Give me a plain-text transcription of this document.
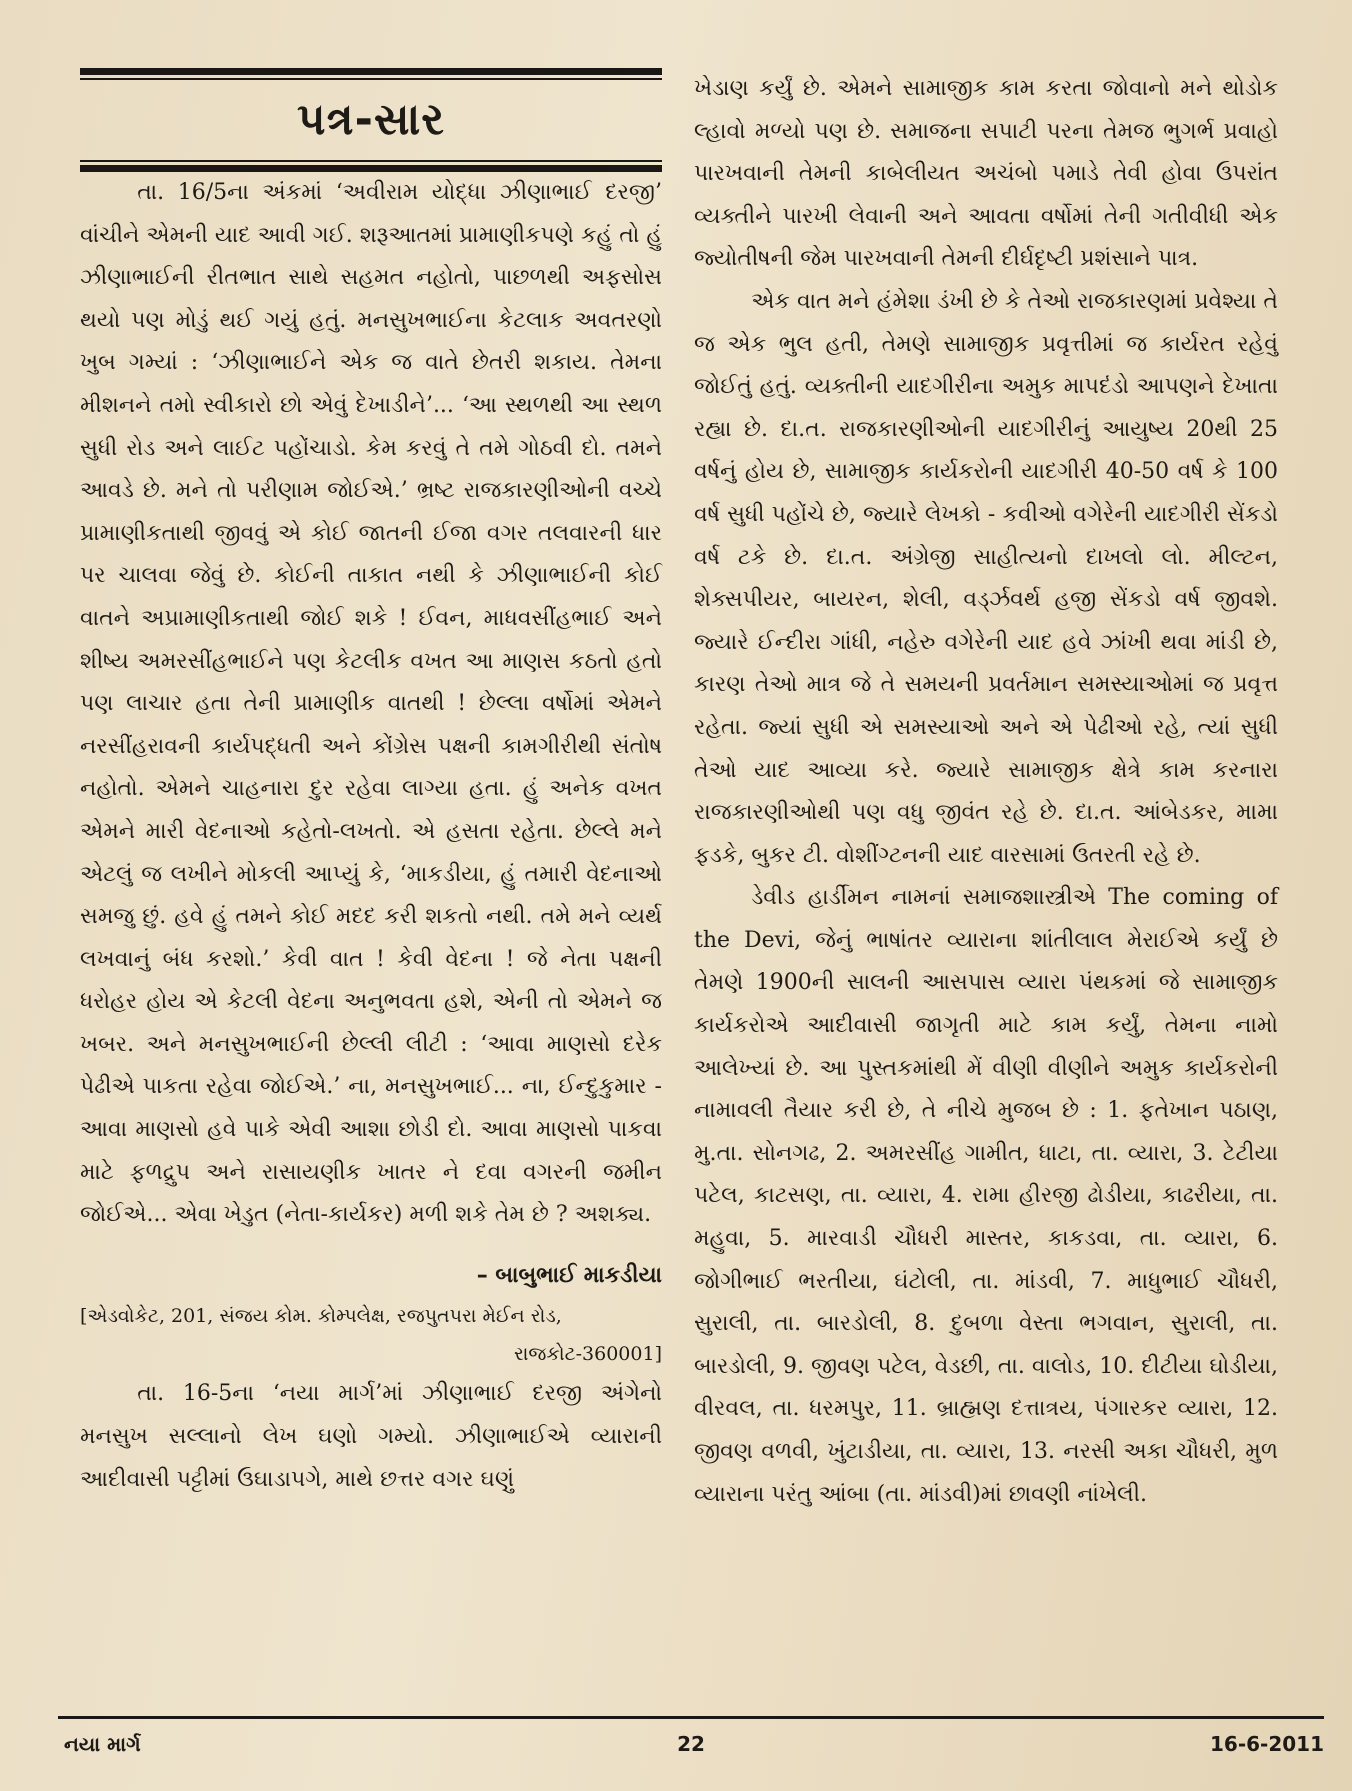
પત્ર-સાર

તા. 16/5ના અંકમાં ‘અવીરામ યોદ્ધા ઝીણાભાઈ દરજી’ વાંચીને એમની યાદ આવી ગઈ. શરૂઆતમાં પ્રામાણીકપણે કહું તો હું ઝીણાભાઈની રીતભાત સાથે સહમત નહોતો, પાછળથી અફસોસ થયો પણ મોડું થઈ ગયું હતું. મનસુખભાઈના કેટલાક અવતરણો ખુબ ગમ્યાં : ‘ઝીણાભાઈને એક જ વાતે છેતરી શકાય. તેમના મીશનને તમો સ્વીકારો છો એવું દેખાડીને’... ‘આ સ્થળથી આ સ્થળ સુધી રોડ અને લાઈટ પહોંચાડો. કેમ કરવું તે તમે ગોઠવી દો. તમને આવડે છે. મને તો પરીણામ જોઈએ.’ ભ્રષ્ટ રાજકારણીઓની વચ્ચે પ્રામાણીકતાથી જીવવું એ કોઈ જાતની ઈજા વગર તલવારની ધાર પર ચાલવા જેવું છે. કોઈની તાકાત નથી કે ઝીણાભાઈની કોઈ વાતને અપ્રામાણીકતાથી જોઈ શકે ! ઈવન, માધવસીંહભાઈ અને શીષ્ય અમરસીંહભાઈને પણ કેટલીક વખત આ માણસ કઠતો હતો પણ લાચાર હતા તેની પ્રામાણીક વાતથી ! છેલ્લા વર્ષોમાં એમને નરસીંહરાવની કાર્યપદ્ધતી અને કોંગ્રેસ પક્ષની કામગીરીથી સંતોષ નહોતો. એમને ચાહનારા દુર રહેવા લાગ્યા હતા. હું અનેક વખત એમને મારી વેદનાઓ કહેતો-લખતો. એ હસતા રહેતા. છેલ્લે મને એટલું જ લખીને મોકલી આપ્યું કે, ‘માકડીયા, હું તમારી વેદનાઓ સમજુ છું. હવે હું તમને કોઈ મદદ કરી શકતો નથી. તમે મને વ્યર્થ લખવાનું બંધ કરશો.’ કેવી વાત ! કેવી વેદના ! જે નેતા પક્ષની ધરોહર હોય એ કેટલી વેદના અનુભવતા હશે, એની તો એમને જ ખબર. અને મનસુખભાઈની છેલ્લી લીટી : ‘આવા માણસો દરેક પેઢીએ પાકતા રહેવા જોઈએ.’ ના, મનસુખભાઈ... ના, ઈન્દુકુમાર - આવા માણસો હવે પાકે એવી આશા છોડી દો. આવા માણસો પાકવા માટે ફળદ્રુપ અને રાસાયણીક ખાતર ને દવા વગરની જમીન જોઈએ... એવા ખેડુત (નેતા-કાર્યકર) મળી શકે તેમ છે ? અશક્ય.

– બાબુભાઈ માકડીયા
[એડવોકેટ, 201, સંજય કોમ. કોમ્પલેક્ષ, રજપુતપરા મેઈન રોડ,
રાજકોટ-360001]

તા. 16-5ના ‘નયા માર્ગ’માં ઝીણાભાઈ દરજી અંગેનો મનસુખ સલ્લાનો લેખ ઘણો ગમ્યો. ઝીણાભાઈએ વ્યારાની આદીવાસી પટ્ટીમાં ઉઘાડાપગે, માથે છત્તર વગર ઘણું

ખેડાણ કર્યું છે. એમને સામાજીક કામ કરતા જોવાનો મને થોડોક લ્હાવો મળ્યો પણ છે. સમાજના સપાટી પરના તેમજ ભુગર્ભ પ્રવાહો પારખવાની તેમની કાબેલીયત અચંબો પમાડે તેવી હોવા ઉપરાંત વ્યક્તીને પારખી લેવાની અને આવતા વર્ષોમાં તેની ગતીવીધી એક જ્યોતીષની જેમ પારખવાની તેમની દીર્ઘદૃષ્ટી પ્રશંસાને પાત્ર.

એક વાત મને હંમેશા ડંખી છે કે તેઓ રાજકારણમાં પ્રવેશ્યા તે જ એક ભુલ હતી, તેમણે સામાજીક પ્રવૃત્તીમાં જ કાર્યરત રહેવું જોઈતું હતું. વ્યક્તીની યાદગીરીના અમુક માપદંડો આપણને દેખાતા રહ્યા છે. દા.ત. રાજકારણીઓની યાદગીરીનું આયુષ્ય 20થી 25 વર્ષનું હોય છે, સામાજીક કાર્યકરોની યાદગીરી 40-50 વર્ષ કે 100 વર્ષ સુધી પહોંચે છે, જ્યારે લેખકો - કવીઓ વગેરેની યાદગીરી સેંકડો વર્ષ ટકે છે. દા.ત. અંગ્રેજી સાહીત્યનો દાખલો લો. મીલ્ટન, શેક્સપીયર, બાયરન, શેલી, વર્ડ્ઝવર્થ હજી સેંકડો વર્ષ જીવશે. જ્યારે ઈન્દીરા ગાંધી, નહેરુ વગેરેની યાદ હવે ઝાંખી થવા માંડી છે, કારણ તેઓ માત્ર જે તે સમયની પ્રવર્તમાન સમસ્યાઓમાં જ પ્રવૃત્ત રહેતા. જ્યાં સુધી એ સમસ્યાઓ અને એ પેઢીઓ રહે, ત્યાં સુધી તેઓ યાદ આવ્યા કરે. જ્યારે સામાજીક ક્ષેત્રે કામ કરનારા રાજકારણીઓથી પણ વધુ જીવંત રહે છે. દા.ત. આંબેડકર, મામા ફડકે, બુકર ટી. વોશીંગ્ટનની યાદ વારસામાં ઉતરતી રહે છે.

ડેવીડ હાર્ડીમન નામનાં સમાજશાસ્ત્રીએ The coming of the Devi, જેનું ભાષાંતર વ્યારાના શાંતીલાલ મેરાઈએ કર્યું છે તેમણે 1900ની સાલની આસપાસ વ્યારા પંથકમાં જે સામાજીક કાર્યકરોએ આદીવાસી જાગૃતી માટે કામ કર્યું, તેમના નામો આલેખ્યાં છે. આ પુસ્તકમાંથી મેં વીણી વીણીને અમુક કાર્યકરોની નામાવલી તૈયાર કરી છે, તે નીચે મુજબ છે : 1. ફતેખાન પઠાણ, મુ.તા. સોનગઢ, 2. અમરસીંહ ગામીત, ધાટા, તા. વ્યારા, 3. ટેટીયા પટેલ, કાટસણ, તા. વ્યારા, 4. રામા હીરજી ઢોડીયા, કાઢરીયા, તા. મહુવા, 5. મારવાડી ચૌધરી માસ્તર, કાકડવા, તા. વ્યારા, 6. જોગીભાઈ ભરતીયા, ઘંટોલી, તા. માંડવી, 7. માધુભાઈ ચૌધરી, સુરાલી, તા. બારડોલી, 8. દુબળા વેસ્તા ભગવાન, સુરાલી, તા. બારડોલી, 9. જીવણ પટેલ, વેડછી, તા. વાલોડ, 10. દીટીયા ઘોડીયા, વીરવલ, તા. ધરમપુર, 11. બ્રાહ્મણ દત્તાત્રય, પંગારકર વ્યારા, 12. જીવણ વળવી, ખુંટાડીયા, તા. વ્યારા, 13. નરસી અકા ચૌધરી, મુળ વ્યારાના પરંતુ આંબા (તા. માંડવી)માં છાવણી નાંખેલી.

નયા માર્ગ	22	16-6-2011
